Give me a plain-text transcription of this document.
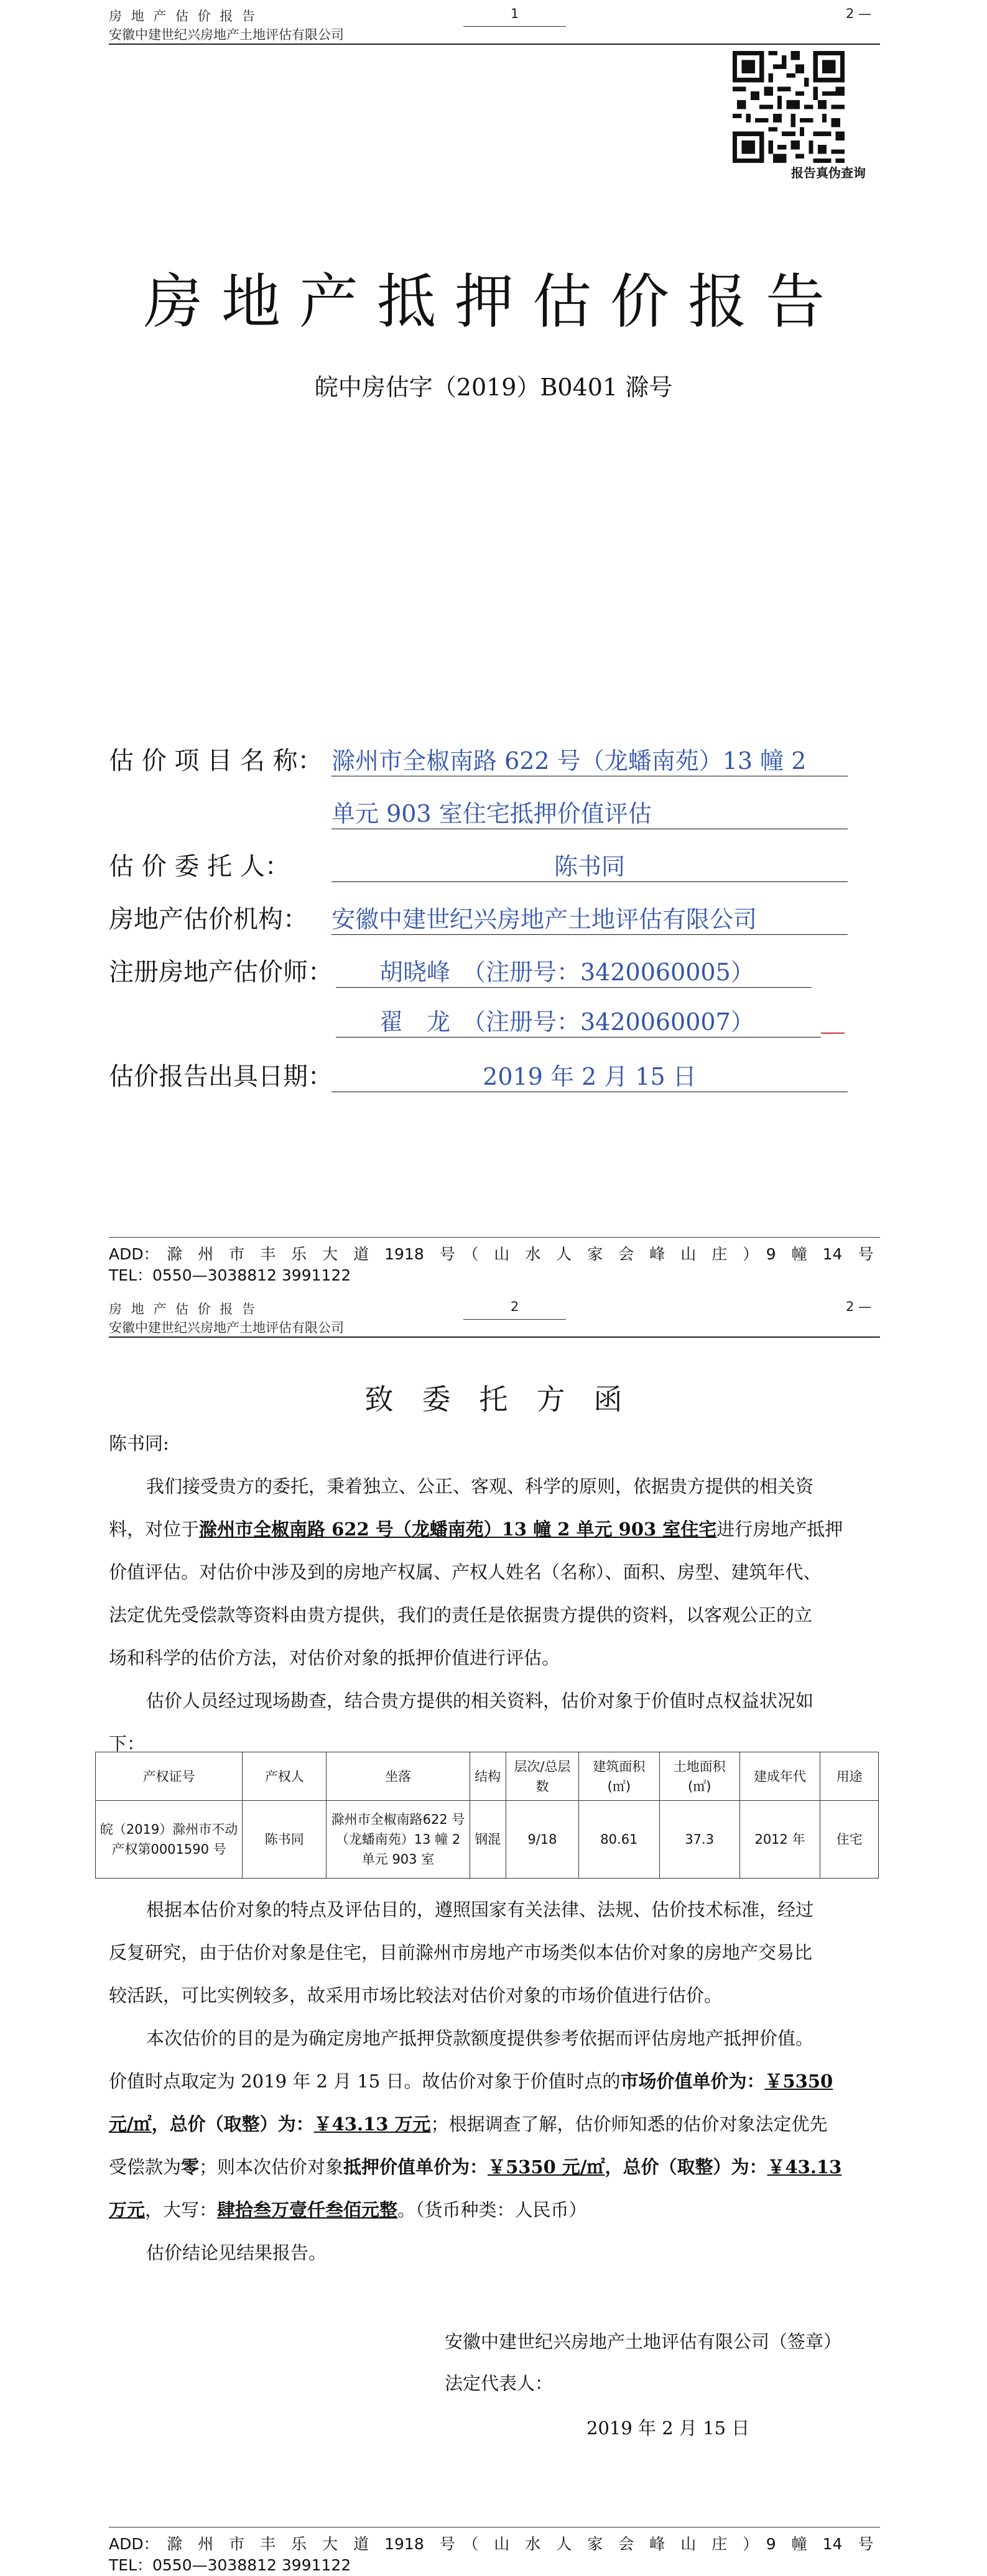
房 地 产 估 价 报 告
安徽中建世纪兴房地产土地评估有限公司
1	2 —
报告真伪查询
房地产抵押估价报告
皖中房估字（2019）B0401 滁号
估 价 项 目 名 称： 滁州市全椒南路 622 号（龙蟠南苑）13 幢 2
单元 903 室住宅抵押价值评估
估 价 委 托 人：	陈书同
房地产估价机构： 安徽中建世纪兴房地产土地评估有限公司
注册房地产估价师：	胡晓峰　（注册号：3420060005）
翟　龙　（注册号：3420060007）
估价报告出具日期：	2019 年 2 月 15 日
ADD：　滁　州　市　丰　乐　大　道　1918　号　（　山　水　人　家　会　峰　山　庄　）　9　幢　14　号
TEL：0550—3038812 3991122
房 地 产 估 价 报 告
安徽中建世纪兴房地产土地评估有限公司
2	2 —
致　委　托　方　函
陈书同:
我们接受贵方的委托，秉着独立、公正、客观、科学的原则，依据贵方提供的相关资
料，对位于滁州市全椒南路 622 号（龙蟠南苑）13 幢 2 单元 903 室住宅进行房地产抵押
价值评估。对估价中涉及到的房地产权属、产权人姓名（名称）、面积、房型、建筑年代、
法定优先受偿款等资料由贵方提供，我们的责任是依据贵方提供的资料，以客观公正的立
场和科学的估价方法，对估价对象的抵押价值进行评估。
估价人员经过现场勘查，结合贵方提供的相关资料，估价对象于价值时点权益状况如
下：
产权证号	产权人	坐落	结构	层次/总层数	建筑面积(㎡)	土地面积(㎡)	建成年代	用途
皖（2019）滁州市不动产权第0001590 号	陈书同	滁州市全椒南路622 号（龙蟠南苑）13 幢 2 单元 903 室	钢混	9/18	80.61	37.3	2012 年	住宅
根据本估价对象的特点及评估目的，遵照国家有关法律、法规、估价技术标准，经过
反复研究，由于估价对象是住宅，目前滁州市房地产市场类似本估价对象的房地产交易比
较活跃，可比实例较多，故采用市场比较法对估价对象的市场价值进行估价。
本次估价的目的是为确定房地产抵押贷款额度提供参考依据而评估房地产抵押价值。
价值时点取定为 2019 年 2 月 15 日。故估价对象于价值时点的市场价值单价为：￥5350
元/㎡，总价（取整）为：￥43.13 万元；根据调查了解，估价师知悉的估价对象法定优先
受偿款为零；则本次估价对象抵押价值单价为：￥5350 元/㎡，总价（取整）为：￥43.13
万元，大写：肆拾叁万壹仟叁佰元整。（货币种类：人民币）
估价结论见结果报告。
安徽中建世纪兴房地产土地评估有限公司（签章）
法定代表人：
2019 年 2 月 15 日
ADD：　滁　州　市　丰　乐　大　道　1918　号　（　山　水　人　家　会　峰　山　庄　）　9　幢　14　号
TEL：0550—3038812 3991122
